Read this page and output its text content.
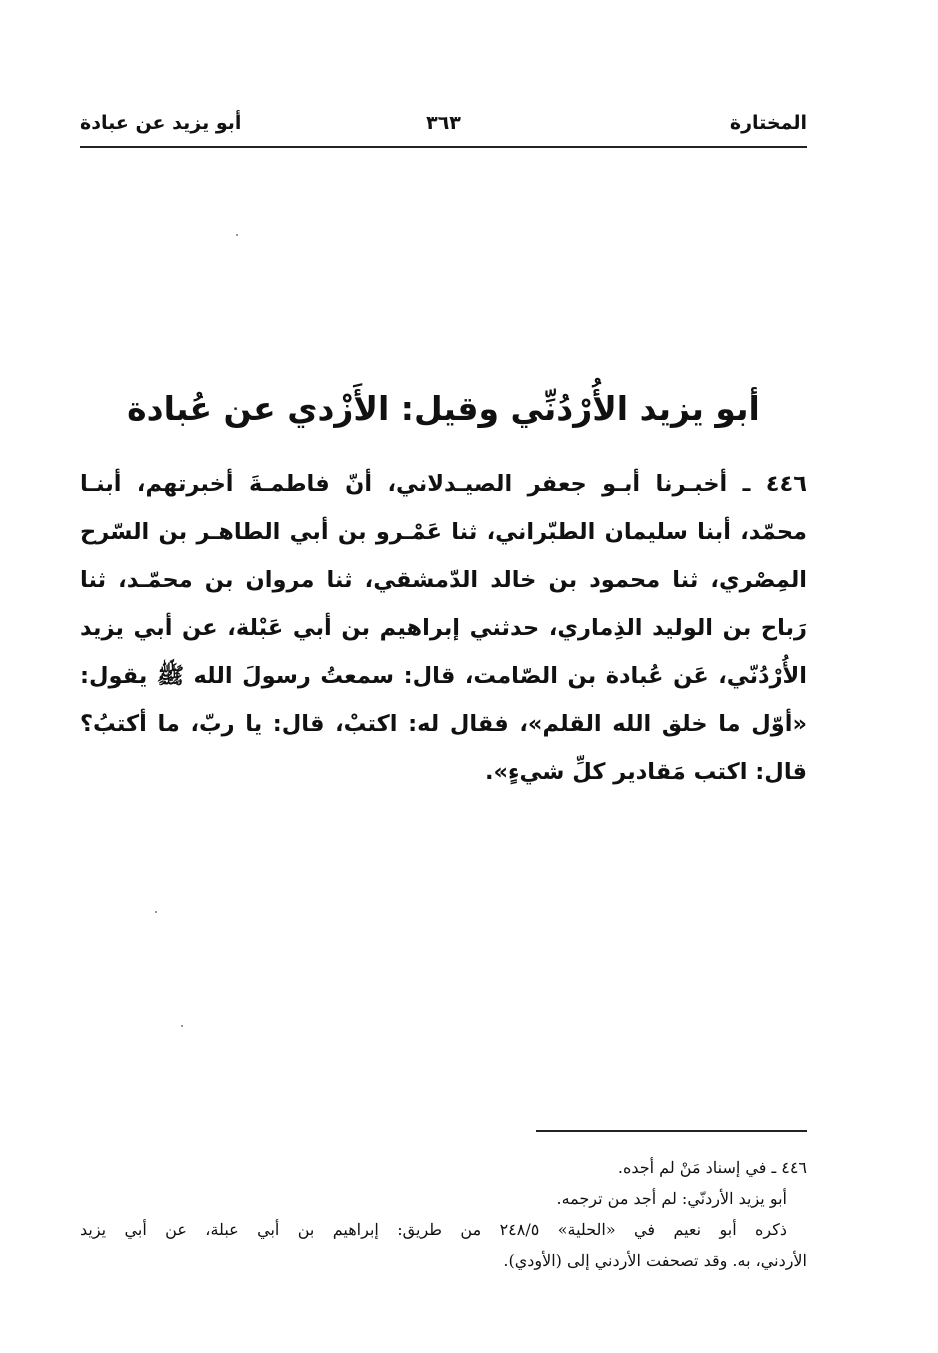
المختارة
٣٦٣
أبو يزيد عن عبادة
أبو يزيد الأُرْدُنِّي وقيل: الأَزْدي عن عُبادة
٤٤٦ ـ أخبـرنا أبـو جعفر الصيـدلاني، أنّ فاطمـةَ أخبرتهم، أبنـا
محمّد، أبنا سليمان الطبّراني، ثنا عَمْـرو بن أبي الطاهـر بن السّرح
المِصْري، ثنا محمود بن خالد الدّمشقي، ثنا مروان بن محمّـد، ثنا
رَباح بن الوليد الذِماري، حدثني إبراهيم بن أبي عَبْلة، عن أبي يزيد
الأُرْدُنّي، عَن عُبادة بن الصّامت، قال: سمعتُ رسولَ الله ﷺ يقول:
«أوّل ما خلق الله القلم»، فقال له: اكتبْ، قال: يا ربّ، ما أكتبُ؟
قال: اكتب مَقادير كلِّ شيءٍ».
٤٤٦ ـ في إسناد مَنْ لم أجده.
أبو يزيد الأردنّي: لم أجد من ترجمه.
ذكره أبو نعيم في «الحلية» ٢٤٨/٥ من طريق: إبراهيم بن أبي عبلة، عن أبي يزيد
الأردني، به. وقد تصحفت الأردني إلى (الأودي).
